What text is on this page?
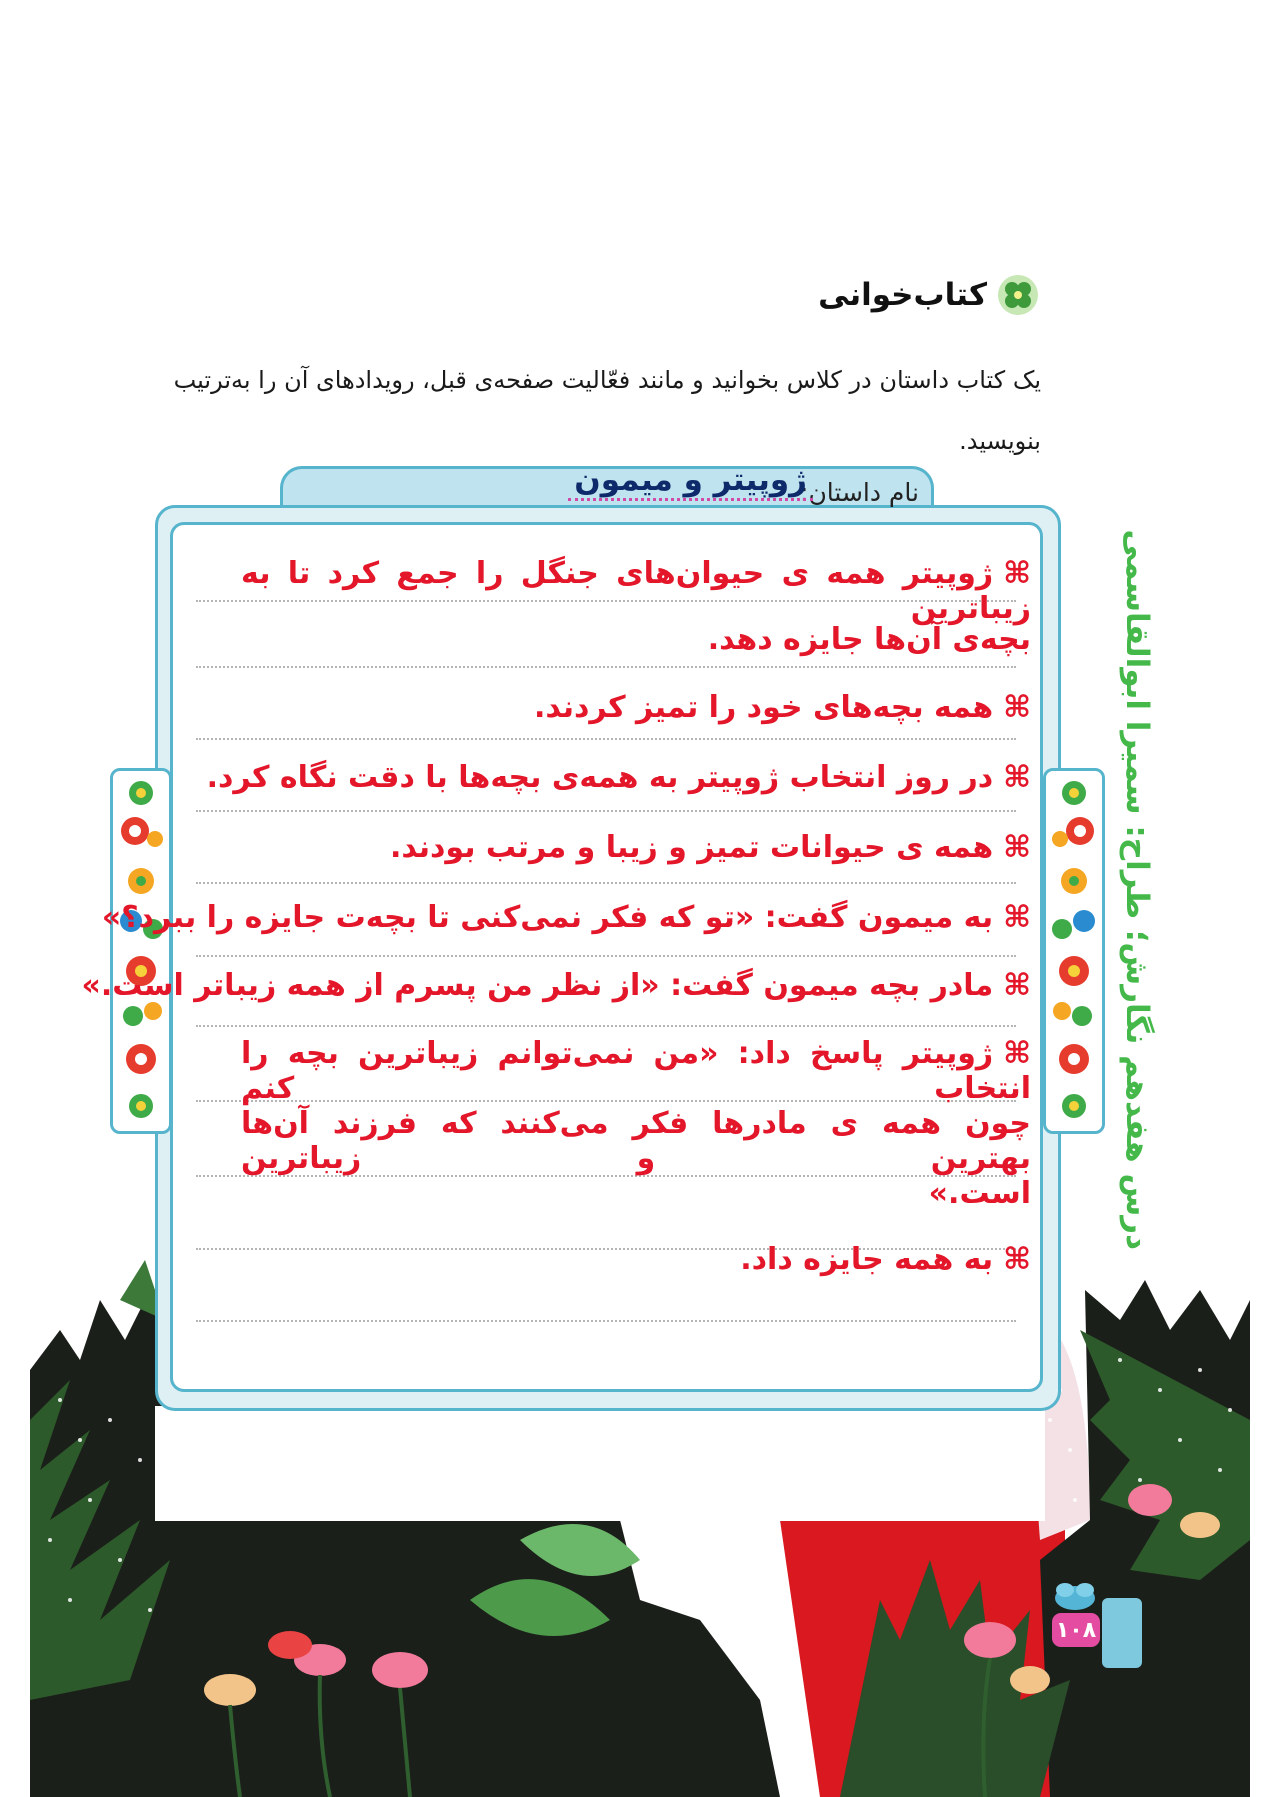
کتاب‌خوانی
یک کتاب داستان در کلاس بخوانید و مانند فعّالیت صفحه‌ی قبل، رویدادهای آن را به‌ترتیب
بنویسید.
نام داستان:
ژوپیتر و میمون
⌘ژوپیتر همه ی حیوان‌های جنگل را جمع کرد تا به زیباترین
بچه‌ی آن‌ها جایزه دهد.
⌘همه بچه‌های خود را تمیز کردند.
⌘در روز انتخاب ژوپیتر به همه‌ی بچه‌ها با دقت نگاه کرد.
⌘همه ی حیوانات تمیز و زیبا و مرتب بودند.
⌘به میمون گفت: «تو که فکر نمی‌کنی تا بچه‌ت جایزه را ببرد؟»
⌘مادر بچه میمون گفت: «از نظر من پسرم از همه زیباتر است.»
⌘ژوپیتر پاسخ داد: «من نمی‌توانم زیباترین بچه را انتخاب کنم
چون همه ی مادرها فکر می‌کنند که فرزند آن‌ها بهترین و زیباترین
است.»
⌘به همه جایزه داد.
درس هفدهم نگارش؛ طراح: سمیرا ابوالقاسمی
۱۰۸
